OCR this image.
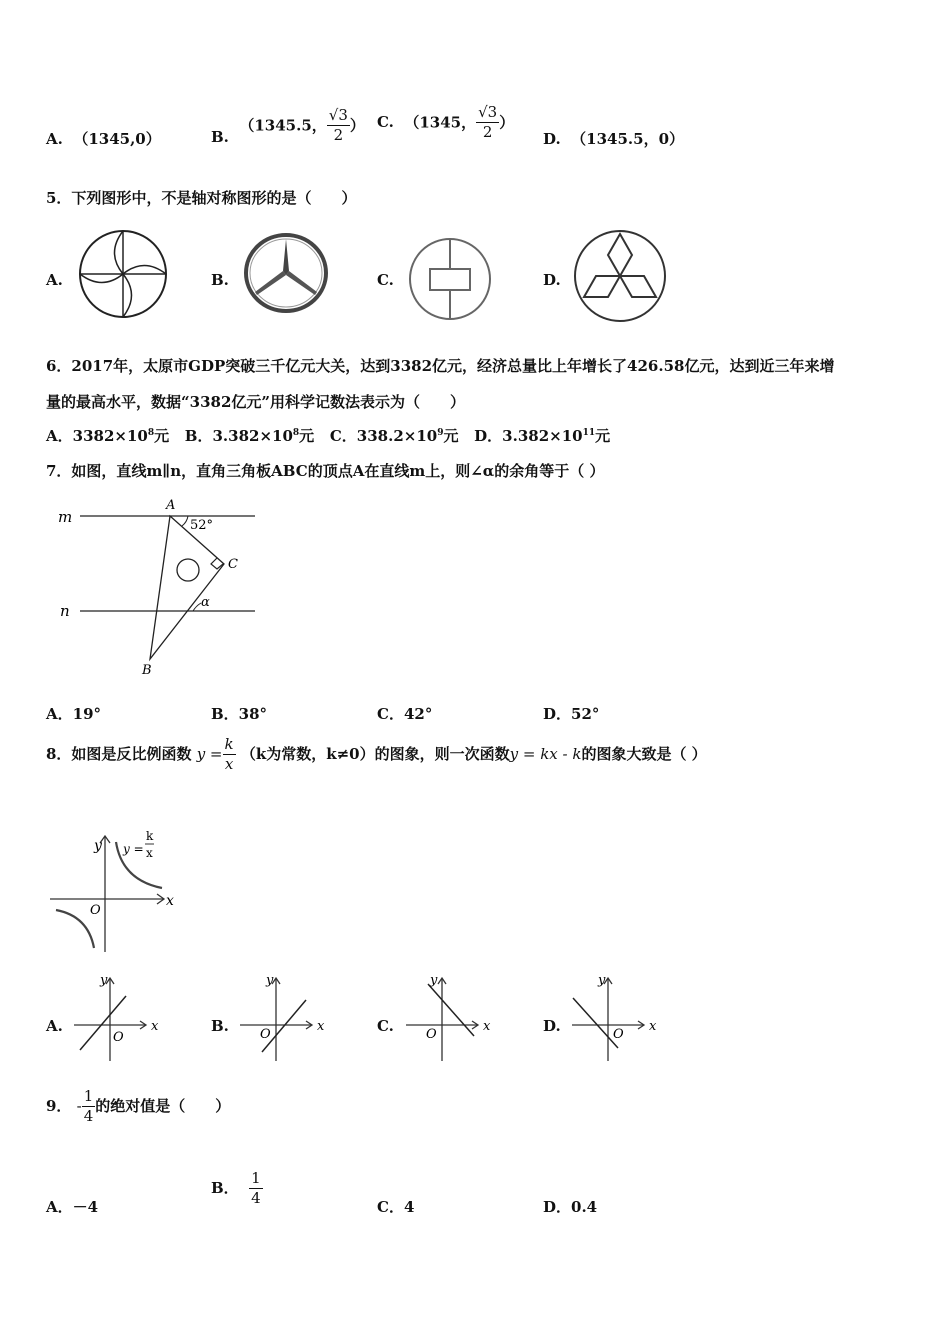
A. （1345,0）	B.  （1345.5， $\frac{√3}{2}$ ） C. （1345， $\frac{√3}{2}$ ）
D. （1345.5，0）
5．下列图形中，不是轴对称图形的是（　　）
A.	B.	C.	D.
6．2017年，太原市GDP突破三千亿元大关，达到3382亿元，经济总量比上年增长了426.58亿元，达到近三年来增
量的最高水平，数据“3382亿元”用科学记数法表示为（　　）
A．$3382\times 10^8$元 B．$3.382\times 10^8$元 C．$338.2\times 10^9$元 D．$3.382\times 10^{11}$元
7．如图，直线m∥n，直角三角板ABC的顶点A在直线m上，则∠α的余角等于（ ）
m
n
A
B
C
52°
α
A．19°	B．38°	C．42°	D．52°
8．如图是反比例函数 $y = \frac{k}{x} (k$为常数，k≠0）的图象，则一次函数y = kx - k的图象大致是（ ）
x
y
O
y =
k
x
A.	x
y
O
B.	x
y
O	C.	x
y
O	D.	x
y
O
9． - $\frac{1}{4}$ 的绝对值是（　　）
A．－4
B． $\frac{1}{4}$
C．4	D．0.4
